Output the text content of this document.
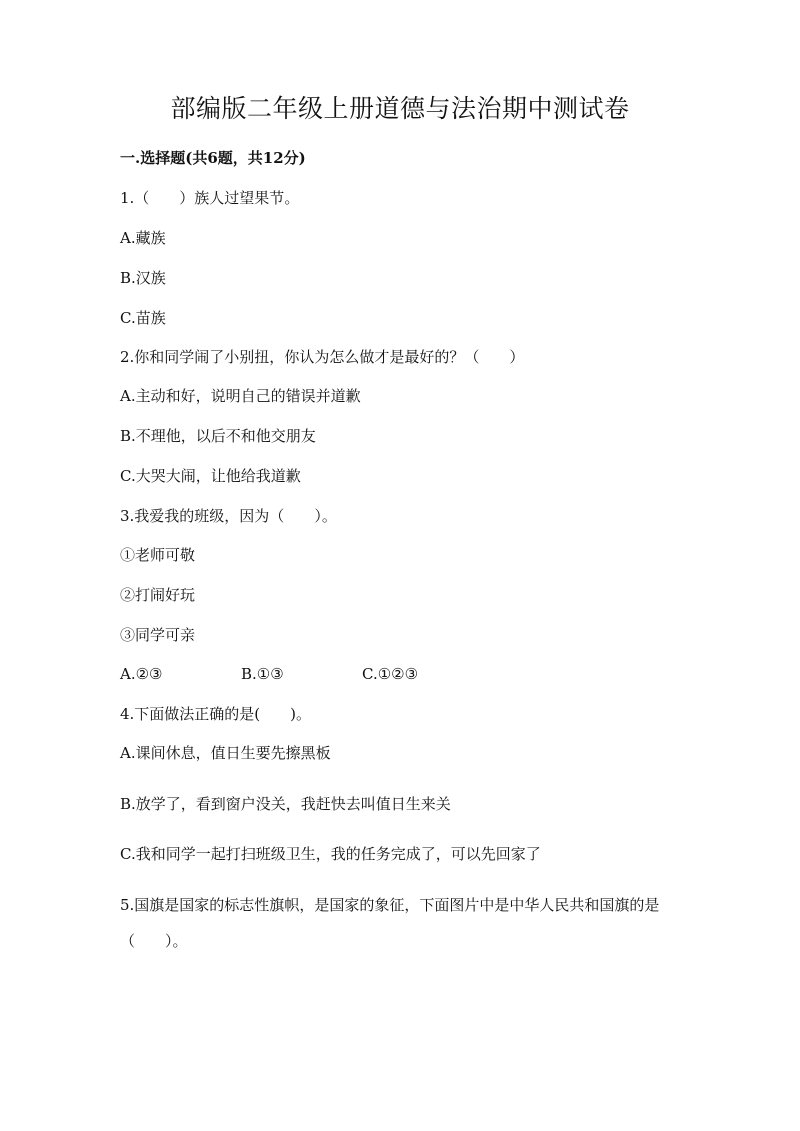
部编版二年级上册道德与法治期中测试卷
一.选择题(共6题，共12分)
1.（　　）族人过望果节。
A.藏族
B.汉族
C.苗族
2.你和同学闹了小别扭，你认为怎么做才是最好的？（　　）
A.主动和好，说明自己的错误并道歉
B.不理他，以后不和他交朋友
C.大哭大闹，让他给我道歉
3.我爱我的班级，因为（　　）。
①老师可敬
②打闹好玩
③同学可亲
A.②③	B.①③	C.①②③
4.下面做法正确的是(　　)。
A.课间休息，值日生要先擦黑板
B.放学了，看到窗户没关，我赶快去叫值日生来关
C.我和同学一起打扫班级卫生，我的任务完成了，可以先回家了
5.国旗是国家的标志性旗帜，是国家的象征，下面图片中是中华人民共和国旗的是（　　）。
